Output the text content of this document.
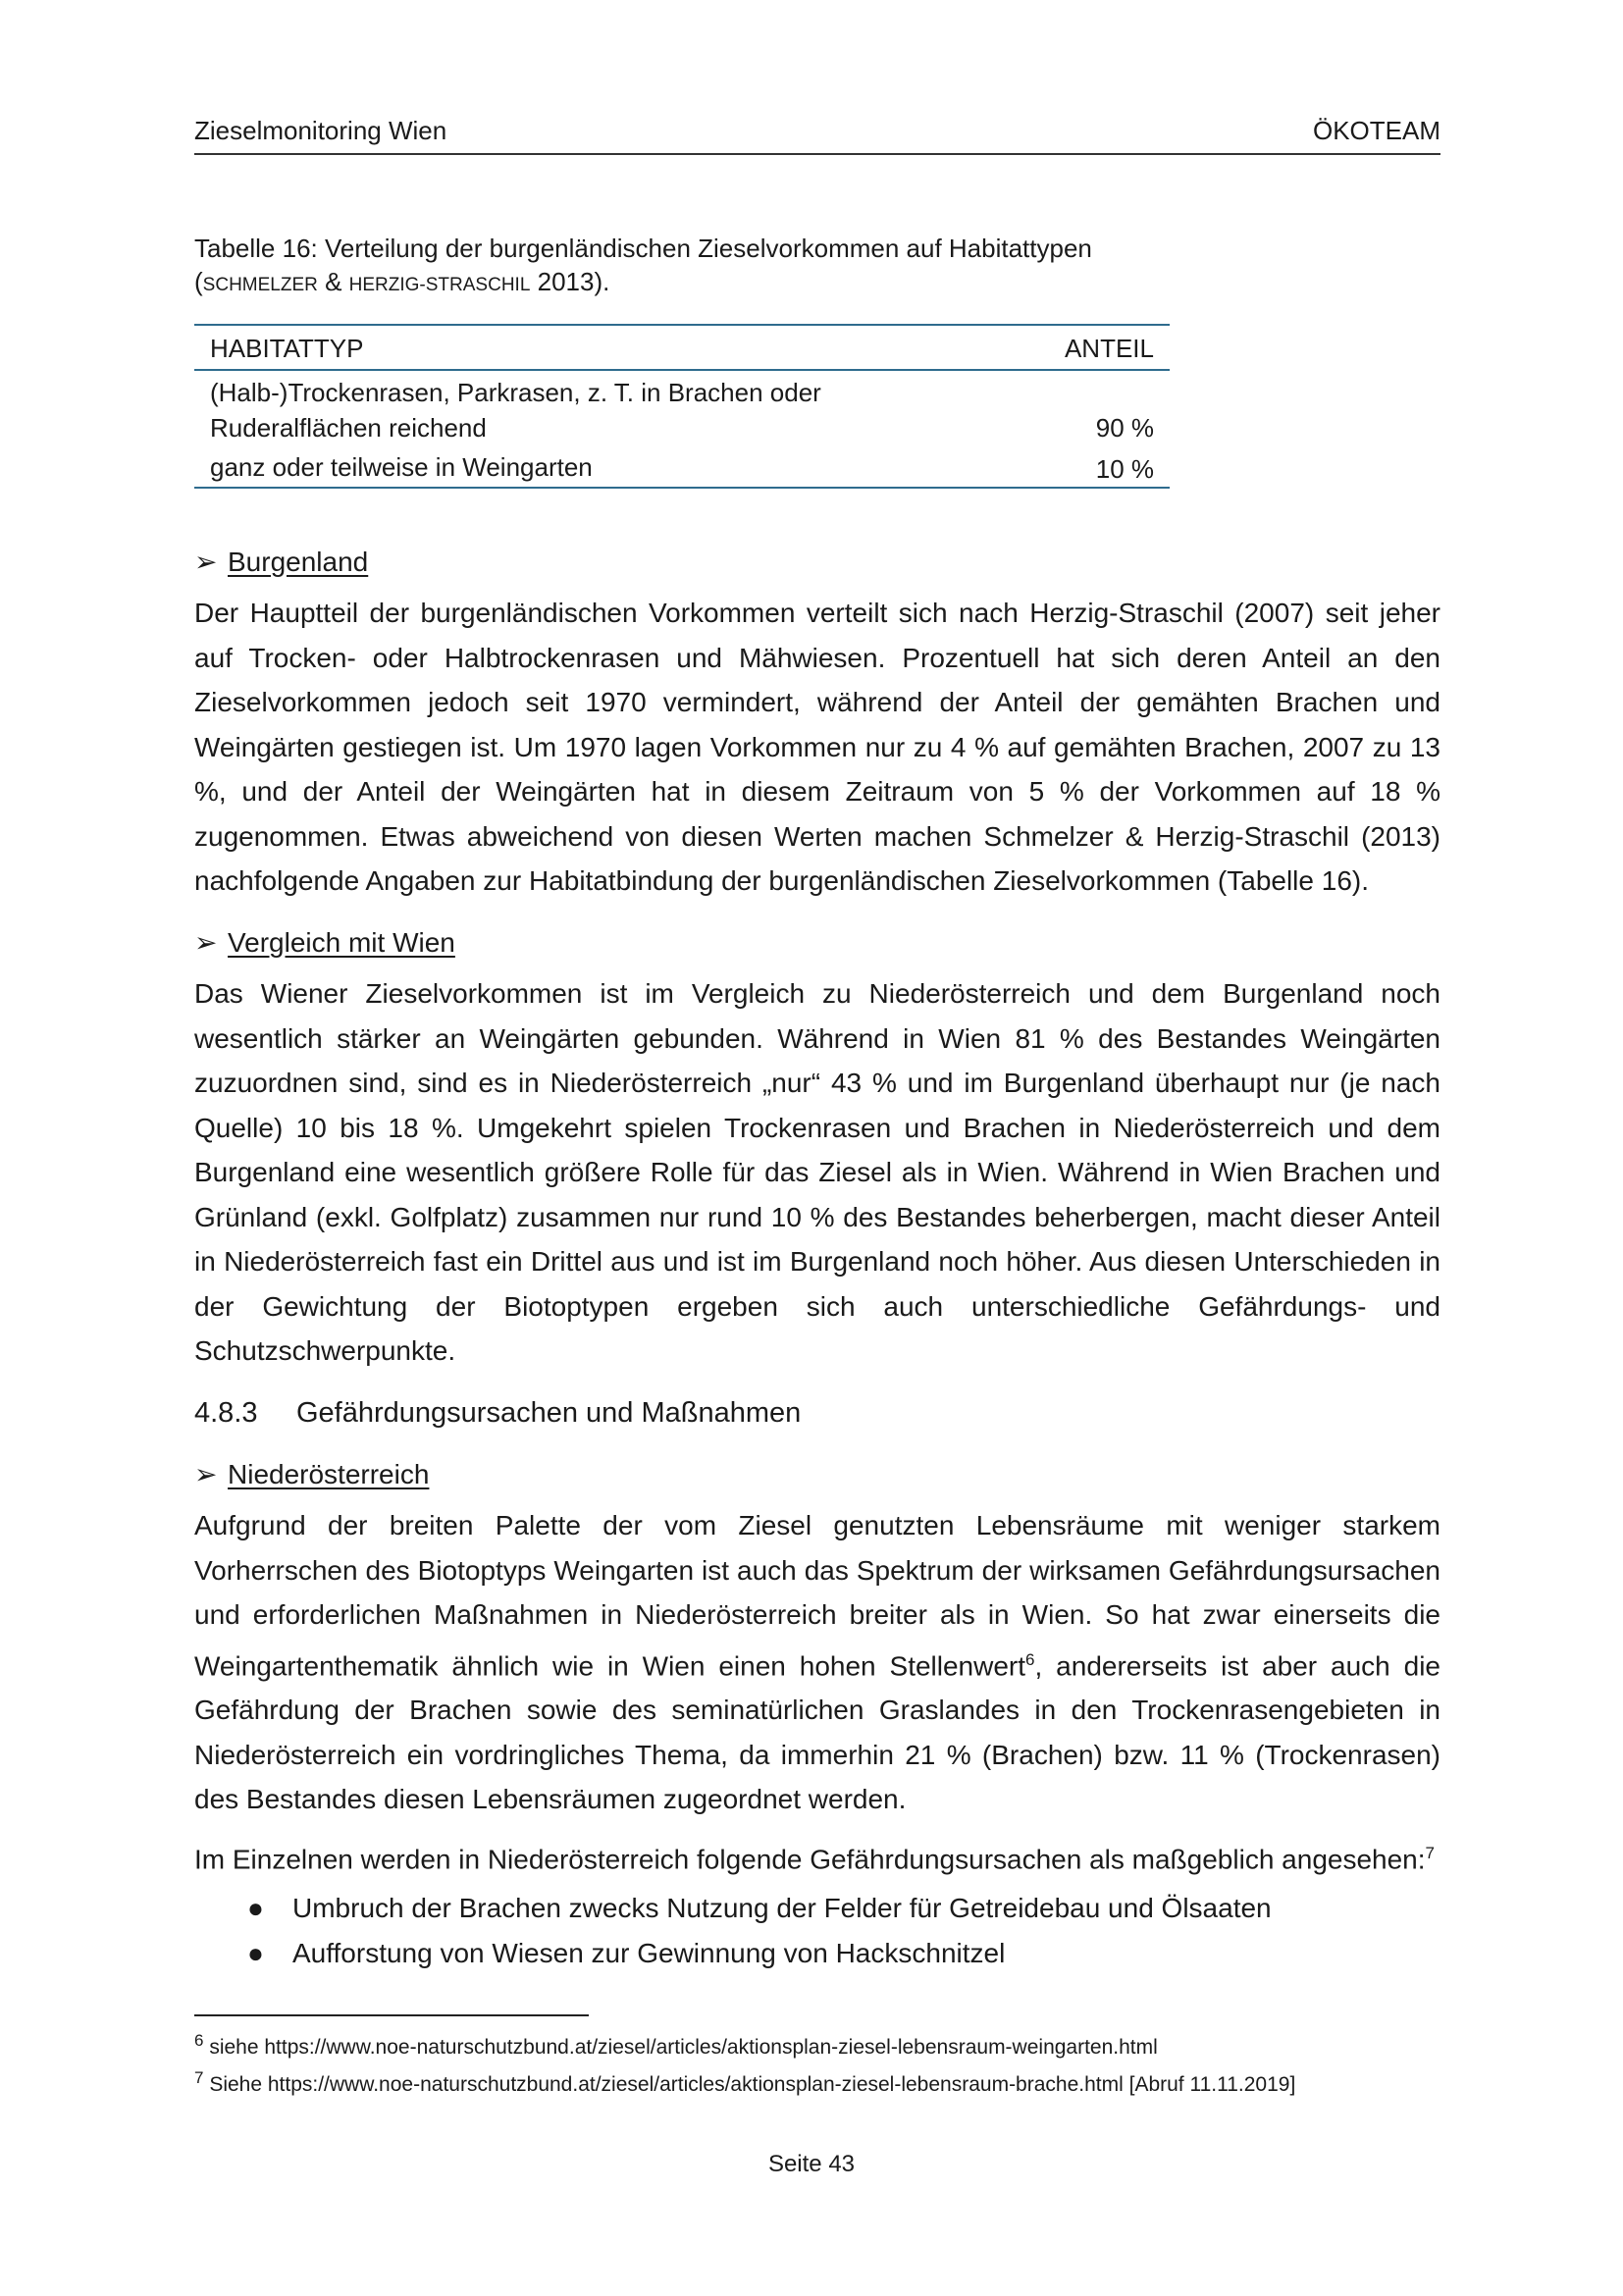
Zieselmonitoring Wien	ÖKOTEAM
Tabelle 16: Verteilung der burgenländischen Zieselvorkommen auf Habitattypen (SCHMELZER & HERZIG-STRASCHIL 2013).
HABITATTYP	ANTEIL
(Halb-)Trockenrasen, Parkrasen, z. T. in Brachen oder Ruderalflächen reichend	90 %
ganz oder teilweise in Weingarten	10 %
➢ Burgenland
Der Hauptteil der burgenländischen Vorkommen verteilt sich nach Herzig-Straschil (2007) seit jeher auf Trocken- oder Halbtrockenrasen und Mähwiesen. Prozentuell hat sich deren Anteil an den Zieselvorkommen jedoch seit 1970 vermindert, während der Anteil der gemähten Brachen und Weingärten gestiegen ist. Um 1970 lagen Vorkommen nur zu 4 % auf gemähten Brachen, 2007 zu 13 %, und der Anteil der Weingärten hat in diesem Zeitraum von 5 % der Vorkommen auf 18 % zugenommen. Etwas abweichend von diesen Werten machen Schmelzer & Herzig-Straschil (2013) nachfolgende Angaben zur Habitatbindung der burgenländischen Zieselvorkommen (Tabelle 16).
➢ Vergleich mit Wien
Das Wiener Zieselvorkommen ist im Vergleich zu Niederösterreich und dem Burgenland noch wesentlich stärker an Weingärten gebunden. Während in Wien 81 % des Bestandes Weingärten zuzuordnen sind, sind es in Niederösterreich „nur“ 43 % und im Burgenland überhaupt nur (je nach Quelle) 10 bis 18 %. Umgekehrt spielen Trockenrasen und Brachen in Niederösterreich und dem Burgenland eine wesentlich größere Rolle für das Ziesel als in Wien. Während in Wien Brachen und Grünland (exkl. Golfplatz) zusammen nur rund 10 % des Bestandes beherbergen, macht dieser Anteil in Niederösterreich fast ein Drittel aus und ist im Burgenland noch höher. Aus diesen Unterschieden in der Gewichtung der Biotoptypen ergeben sich auch unterschiedliche Gefährdungs- und Schutzschwerpunkte.
4.8.3 Gefährdungsursachen und Maßnahmen
➢ Niederösterreich
Aufgrund der breiten Palette der vom Ziesel genutzten Lebensräume mit weniger starkem Vorherrschen des Biotoptyps Weingarten ist auch das Spektrum der wirksamen Gefährdungsursachen und erforderlichen Maßnahmen in Niederösterreich breiter als in Wien. So hat zwar einerseits die Weingartenthematik ähnlich wie in Wien einen hohen Stellenwert$^6$, andererseits ist aber auch die Gefährdung der Brachen sowie des seminatürlichen Graslandes in den Trockenrasengebieten in Niederösterreich ein vordringliches Thema, da immerhin 21 % (Brachen) bzw. 11 % (Trockenrasen) des Bestandes diesen Lebensräumen zugeordnet werden.
Im Einzelnen werden in Niederösterreich folgende Gefährdungsursachen als maßgeblich angesehen:$^7$
● Umbruch der Brachen zwecks Nutzung der Felder für Getreidebau und Ölsaaten
● Aufforstung von Wiesen zur Gewinnung von Hackschnitzel
$^6$ siehe https://www.noe-naturschutzbund.at/ziesel/articles/aktionsplan-ziesel-lebensraum-weingarten.html
$^7$ Siehe https://www.noe-naturschutzbund.at/ziesel/articles/aktionsplan-ziesel-lebensraum-brache.html [Abruf 11.11.2019]
Seite 43
